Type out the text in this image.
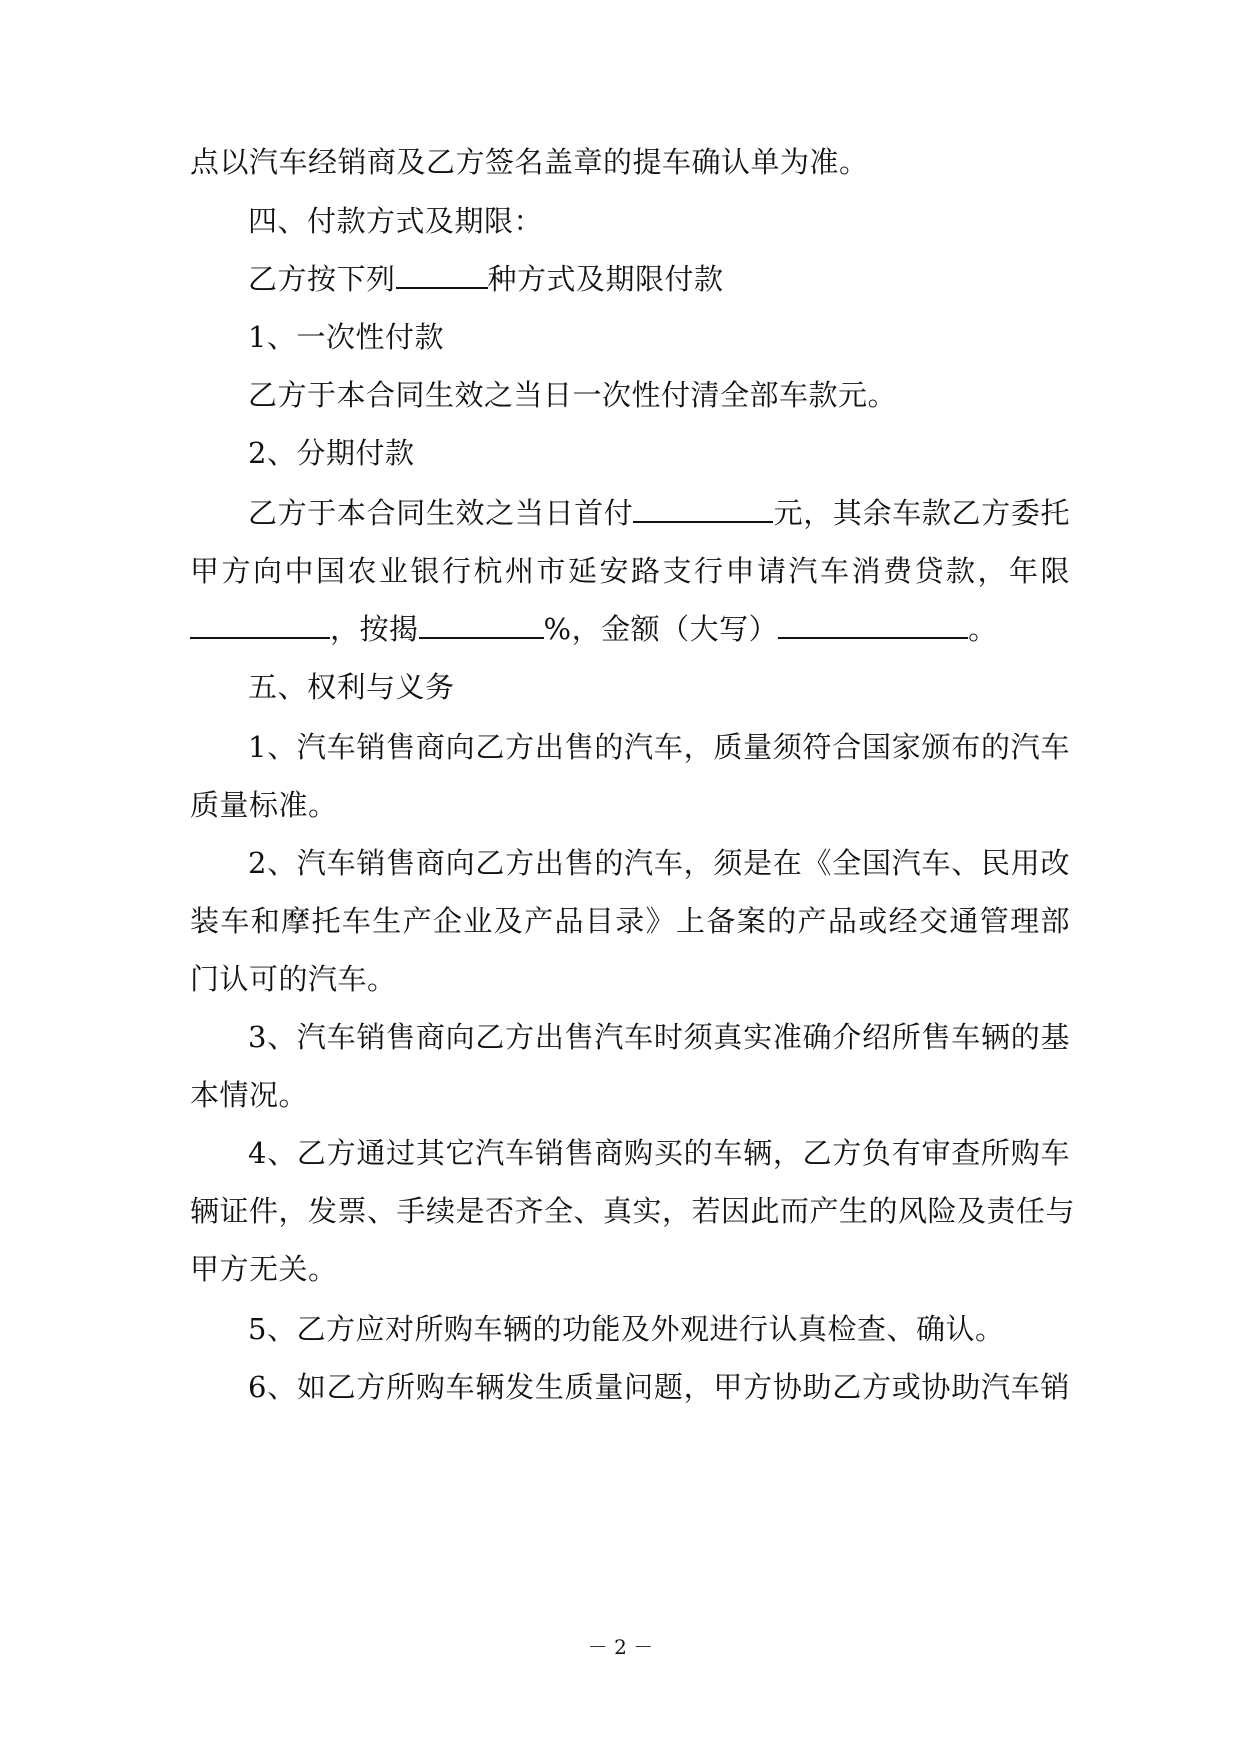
点以汽车经销商及乙方签名盖章的提车确认单为准。
四、付款方式及期限：
乙方按下列	种方式及期限付款
1、一次性付款
乙方于本合同生效之当日一次性付清全部车款元。
2、分期付款
乙方于本合同生效之当日首付	元，其余车款乙方委托
甲方向中国农业银行杭州市延安路支行申请汽车消费贷款，年限
，按揭	%，金额（大写）	。
五、权利与义务
1、汽车销售商向乙方出售的汽车，质量须符合国家颁布的汽车
质量标准。
2、汽车销售商向乙方出售的汽车，须是在《全国汽车、民用改
装车和摩托车生产企业及产品目录》上备案的产品或经交通管理部
门认可的汽车。
3、汽车销售商向乙方出售汽车时须真实准确介绍所售车辆的基
本情况。
4、乙方通过其它汽车销售商购买的车辆，乙方负有审查所购车
辆证件，发票、手续是否齐全、真实，若因此而产生的风险及责任与
甲方无关。
5、乙方应对所购车辆的功能及外观进行认真检查、确认。
6、如乙方所购车辆发生质量问题，甲方协助乙方或协助汽车销
－ 2 －
